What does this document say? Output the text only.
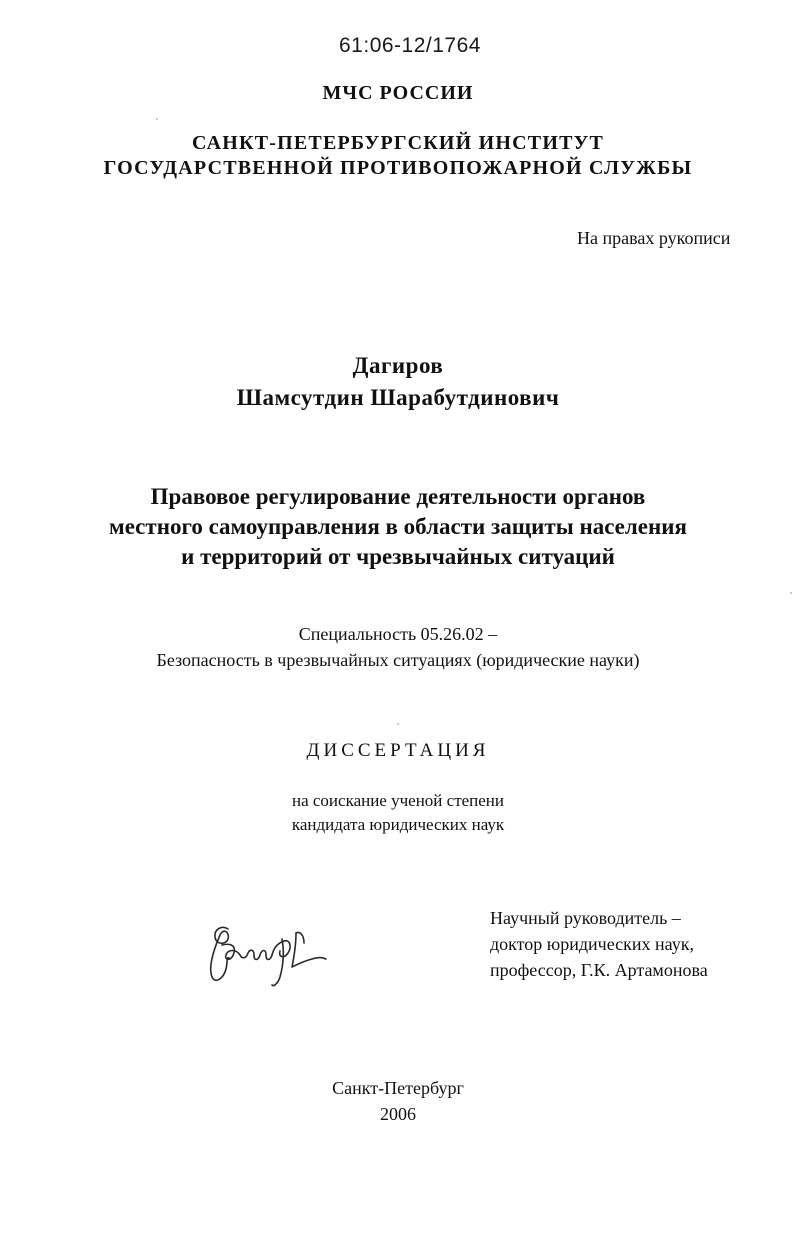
61:06-12/1764
МЧС РОССИИ
САНКТ-ПЕТЕРБУРГСКИЙ ИНСТИТУТ
ГОСУДАРСТВЕННОЙ ПРОТИВОПОЖАРНОЙ СЛУЖБЫ
На правах рукописи
Дагиров
Шамсутдин Шарабутдинович
Правовое регулирование деятельности органов
местного самоуправления в области защиты населения
и территорий от чрезвычайных ситуаций
Специальность 05.26.02 –
Безопасность в чрезвычайных ситуациях (юридические науки)
ДИССЕРТАЦИЯ
на соискание ученой степени
кандидата юридических наук
Научный руководитель –
доктор юридических наук,
профессор, Г.К. Артамонова
Санкт-Петербург
2006
